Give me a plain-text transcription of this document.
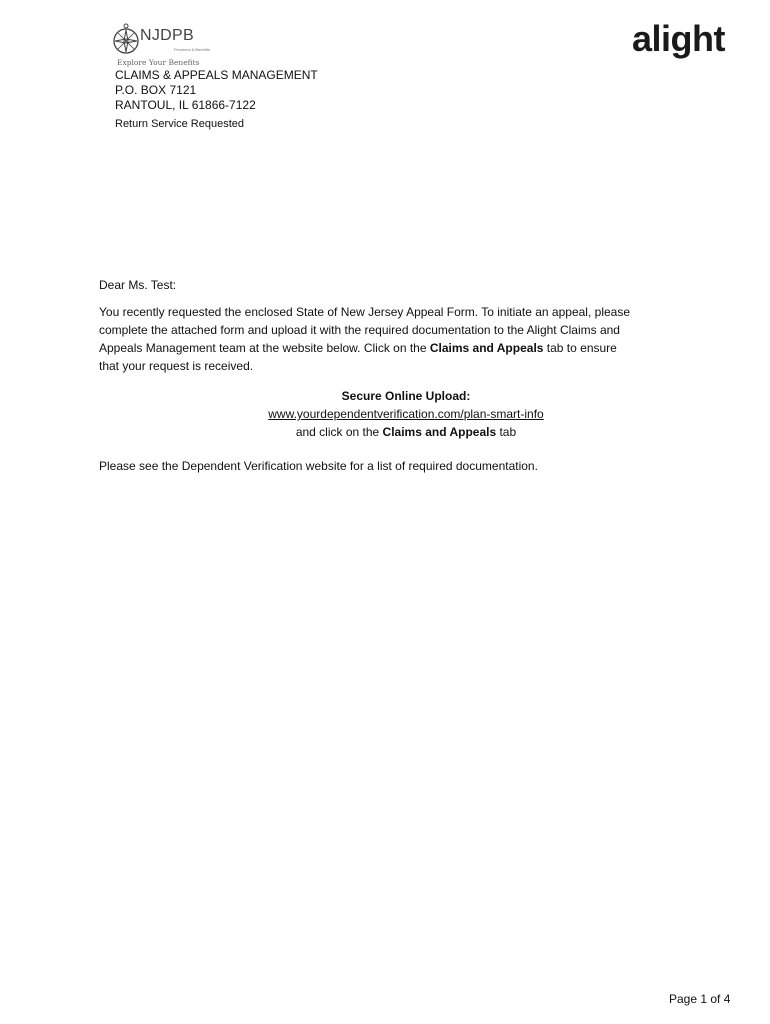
NJDPB
Pensions & Benefits
Explore Your Benefits
alight
CLAIMS & APPEALS MANAGEMENT
P.O. BOX 7121
RANTOUL, IL 61866-7122
Return Service Requested
Dear Ms. Test:
You recently requested the enclosed State of New Jersey Appeal Form. To initiate an appeal, please complete the attached form and upload it with the required documentation to the Alight Claims and Appeals Management team at the website below. Click on the Claims and Appeals tab to ensure that your request is received.
Secure Online Upload:
www.yourdependentverification.com/plan-smart-info
and click on the Claims and Appeals tab
Please see the Dependent Verification website for a list of required documentation.
Page 1 of 4
